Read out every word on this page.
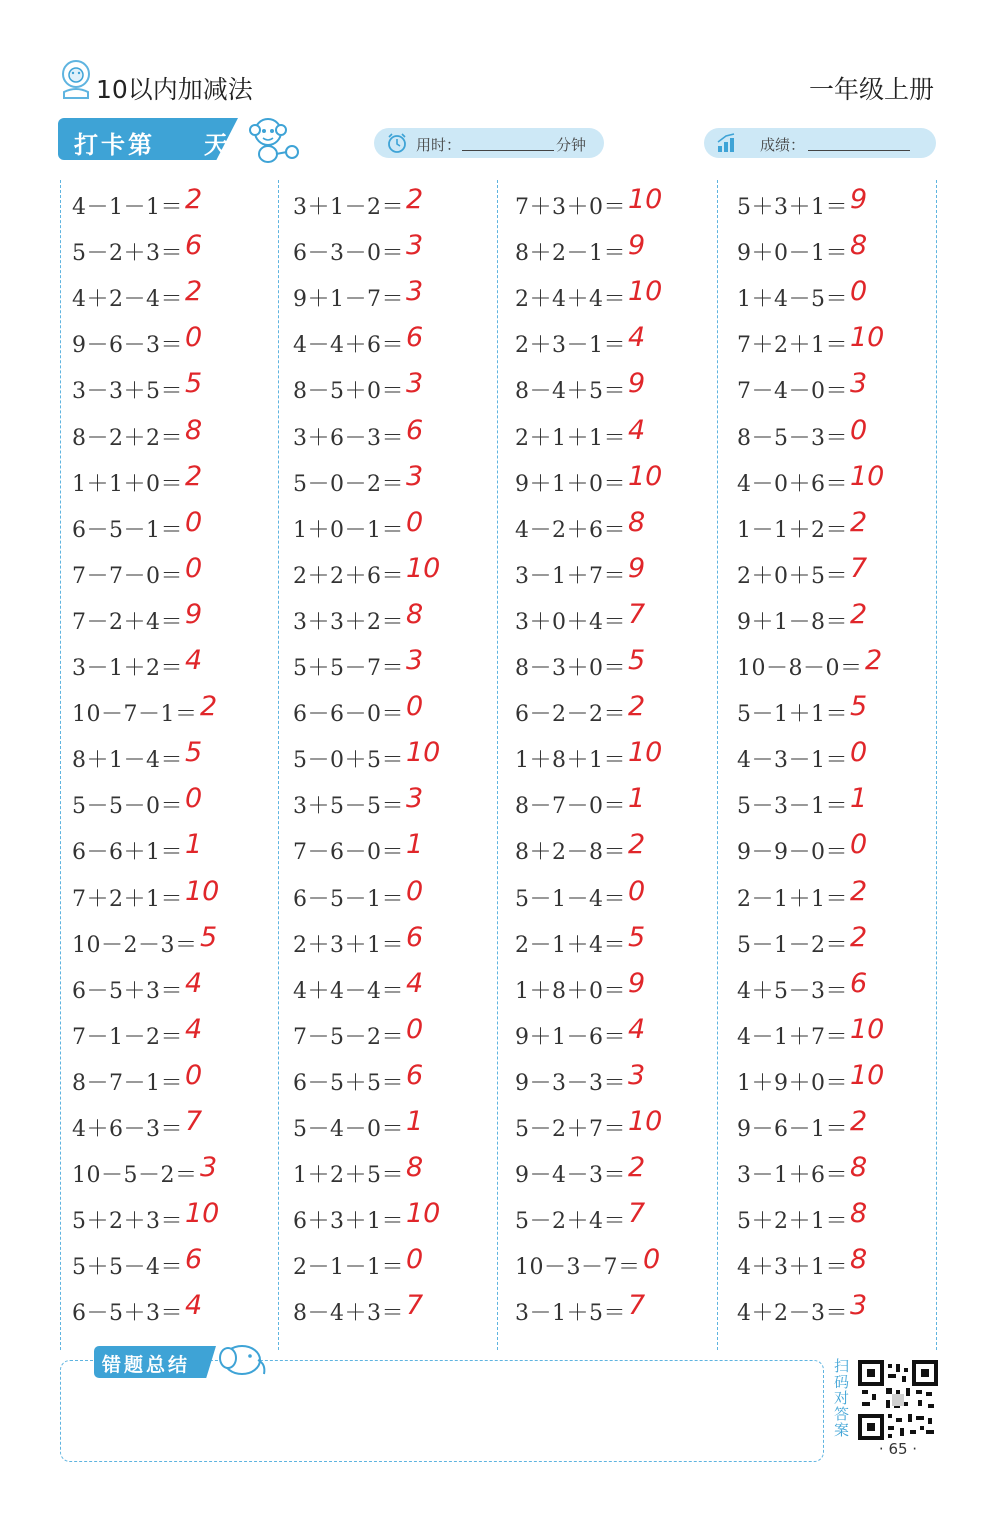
10以内加减法	一年级上册
打卡第 天	用时：	分钟	成绩：
4－1－1＝ 2
5－2＋3＝ 6
4＋2－4＝ 2
9－6－3＝ 0
3－3＋5＝ 5
8－2＋2＝ 8
1＋1＋0＝ 2
6－5－1＝ 0
7－7－0＝ 0
7－2＋4＝ 9
3－1＋2＝ 4
10－7－1＝ 2
8＋1－4＝ 5
5－5－0＝ 0
6－6＋1＝ 1
7＋2＋1＝ 10
10－2－3＝ 5
6－5＋3＝ 4
7－1－2＝ 4
8－7－1＝ 0
4＋6－3＝ 7
10－5－2＝ 3
5＋2＋3＝ 10
5＋5－4＝ 6
6－5＋3＝ 4
3＋1－2＝ 2
6－3－0＝ 3
9＋1－7＝ 3
4－4＋6＝ 6
8－5＋0＝ 3
3＋6－3＝ 6
5－0－2＝ 3
1＋0－1＝ 0
2＋2＋6＝ 10
3＋3＋2＝ 8
5＋5－7＝ 3
6－6－0＝ 0
5－0＋5＝ 10
3＋5－5＝ 3
7－6－0＝ 1
6－5－1＝ 0
2＋3＋1＝ 6
4＋4－4＝ 4
7－5－2＝ 0
6－5＋5＝ 6
5－4－0＝ 1
1＋2＋5＝ 8
6＋3＋1＝ 10
2－1－1＝ 0
8－4＋3＝ 7
7＋3＋0＝ 10
8＋2－1＝ 9
2＋4＋4＝ 10
2＋3－1＝ 4
8－4＋5＝ 9
2＋1＋1＝ 4
9＋1＋0＝ 10
4－2＋6＝ 8
3－1＋7＝ 9
3＋0＋4＝ 7
8－3＋0＝ 5
6－2－2＝ 2
1＋8＋1＝ 10
8－7－0＝ 1
8＋2－8＝ 2
5－1－4＝ 0
2－1＋4＝ 5
1＋8＋0＝ 9
9＋1－6＝ 4
9－3－3＝ 3
5－2＋7＝ 10
9－4－3＝ 2
5－2＋4＝ 7
10－3－7＝ 0
3－1＋5＝ 7
5＋3＋1＝ 9
9＋0－1＝ 8
1＋4－5＝ 0
7＋2＋1＝ 10
7－4－0＝ 3
8－5－3＝ 0
4－0＋6＝ 10
1－1＋2＝ 2
2＋0＋5＝ 7
9＋1－8＝ 2
10－8－0＝ 2
5－1＋1＝ 5
4－3－1＝ 0
5－3－1＝ 1
9－9－0＝ 0
2－1＋1＝ 2
5－1－2＝ 2
4＋5－3＝ 6
4－1＋7＝ 10
1＋9＋0＝ 10
9－6－1＝ 2
3－1＋6＝ 8
5＋2＋1＝ 8
4＋3＋1＝ 8
4＋2－3＝ 3
错题总结	扫码对答案
· 65 ·
